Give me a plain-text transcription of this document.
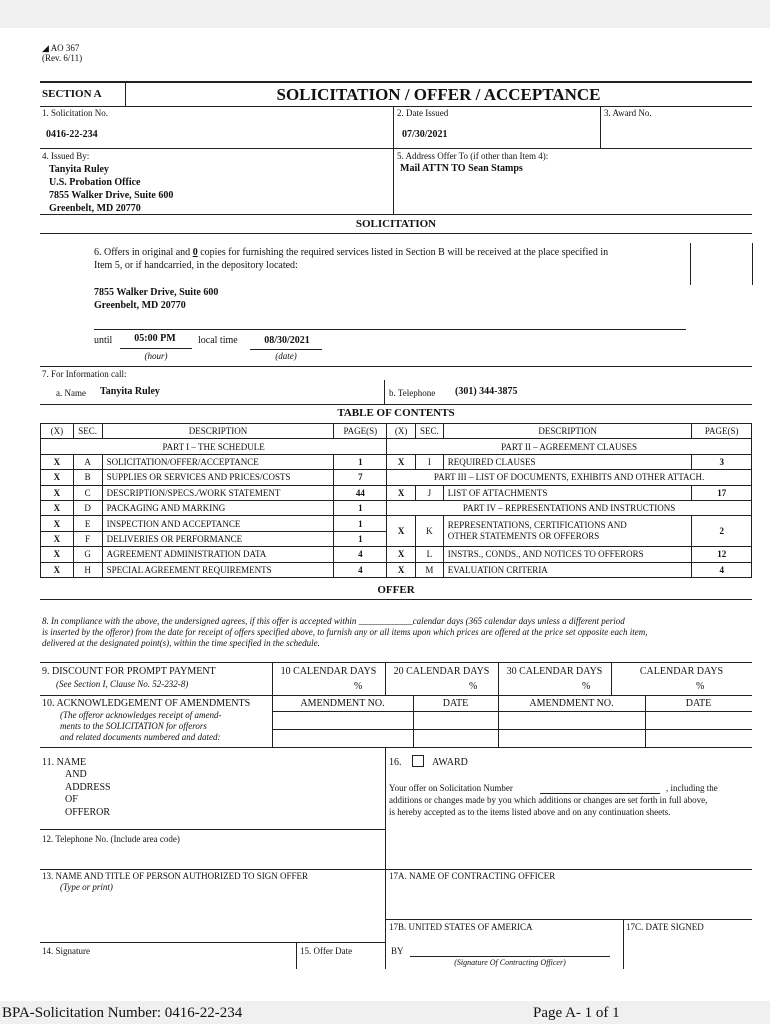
◢ AO 367
(Rev. 6/11)
SECTION A	SOLICITATION / OFFER / ACCEPTANCE
1. Solicitation No.
0416-22-234
2. Date Issued
07/30/2021
3. Award No.
4. Issued By:
Tanyita Ruley
U.S. Probation Office
7855 Walker Drive, Suite 600
Greenbelt, MD 20770
5. Address Offer To (if other than Item 4):
Mail ATTN TO Sean Stamps
SOLICITATION
6. Offers in original and 0 copies for furnishing the required services listed in Section B will be received at the place specified in
Item 5, or if handcarried, in the depository located:
7855 Walker Drive, Suite 600
Greenbelt, MD 20770
until	05:00 PM	local time	08/30/2021
(hour)	(date)
7. For Information call:
a. Name Tanyita Ruley	b. Telephone (301) 344-3875
TABLE OF CONTENTS
(X)	SEC.	DESCRIPTION	PAGE(S)	(X)	SEC.	DESCRIPTION	PAGE(S)
PART I – THE SCHEDULE				PART II – AGREEMENT CLAUSES			
X	A	SOLICITATION/OFFER/ACCEPTANCE	1	X	I	REQUIRED CLAUSES	3
X	B	SUPPLIES OR SERVICES AND PRICES/COSTS	7	PART III – LIST OF DOCUMENTS, EXHIBITS AND OTHER ATTACH.			
X	C	DESCRIPTION/SPECS./WORK STATEMENT	44	X	J	LIST OF ATTACHMENTS	17
X	D	PACKAGING AND MARKING	1	PART IV – REPRESENTATIONS AND INSTRUCTIONS			
X	E	INSPECTION AND ACCEPTANCE	1	X	K	REPRESENTATIONS, CERTIFICATIONS AND
OTHER STATEMENTS OR OFFERORS	2
X	F	DELIVERIES OR PERFORMANCE	1				
X	G	AGREEMENT ADMINISTRATION DATA	4	X	L	INSTRS., CONDS., AND NOTICES TO OFFERORS	12
X	H	SPECIAL AGREEMENT REQUIREMENTS	4	X	M	EVALUATION CRITERIA	4
OFFER
8. In compliance with the above, the undersigned agrees, if this offer is accepted within ____________calendar days (365 calendar days unless a different period
is inserted by the offeror) from the date for receipt of offers specified above, to furnish any or all items upon which prices are offered at the price set opposite each item,
delivered at the designated point(s), within the time specified in the schedule.
9. DISCOUNT FOR PROMPT PAYMENT
(See Section I, Clause No. 52-232-8)
10 CALENDAR DAYS	20 CALENDAR DAYS	30 CALENDAR DAYS	CALENDAR DAYS
%	%	%	%
10. ACKNOWLEDGEMENT OF AMENDMENTS
(The offeror acknowledges receipt of amend-
ments to the SOLICITATION for offerors
and related documents numbered and dated:
AMENDMENT NO.	DATE	AMENDMENT NO.	DATE
11. NAME
AND
ADDRESS
OF
OFFEROR
12. Telephone No. (Include area code)
13. NAME AND TITLE OF PERSON AUTHORIZED TO SIGN OFFER
(Type or print)
14. Signature	15. Offer Date
16.	AWARD
Your offer on Solicitation Number	, including the
additions or changes made by you which additions or changes are set forth in full above,
is hereby accepted as to the items listed above and on any continuation sheets.
17A. NAME OF CONTRACTING OFFICER
17B. UNITED STATES OF AMERICA	17C. DATE SIGNED
BY
(Signature Of Contracting Officer)
BPA-Solicitation Number: 0416-22-234	Page A- 1 of 1
